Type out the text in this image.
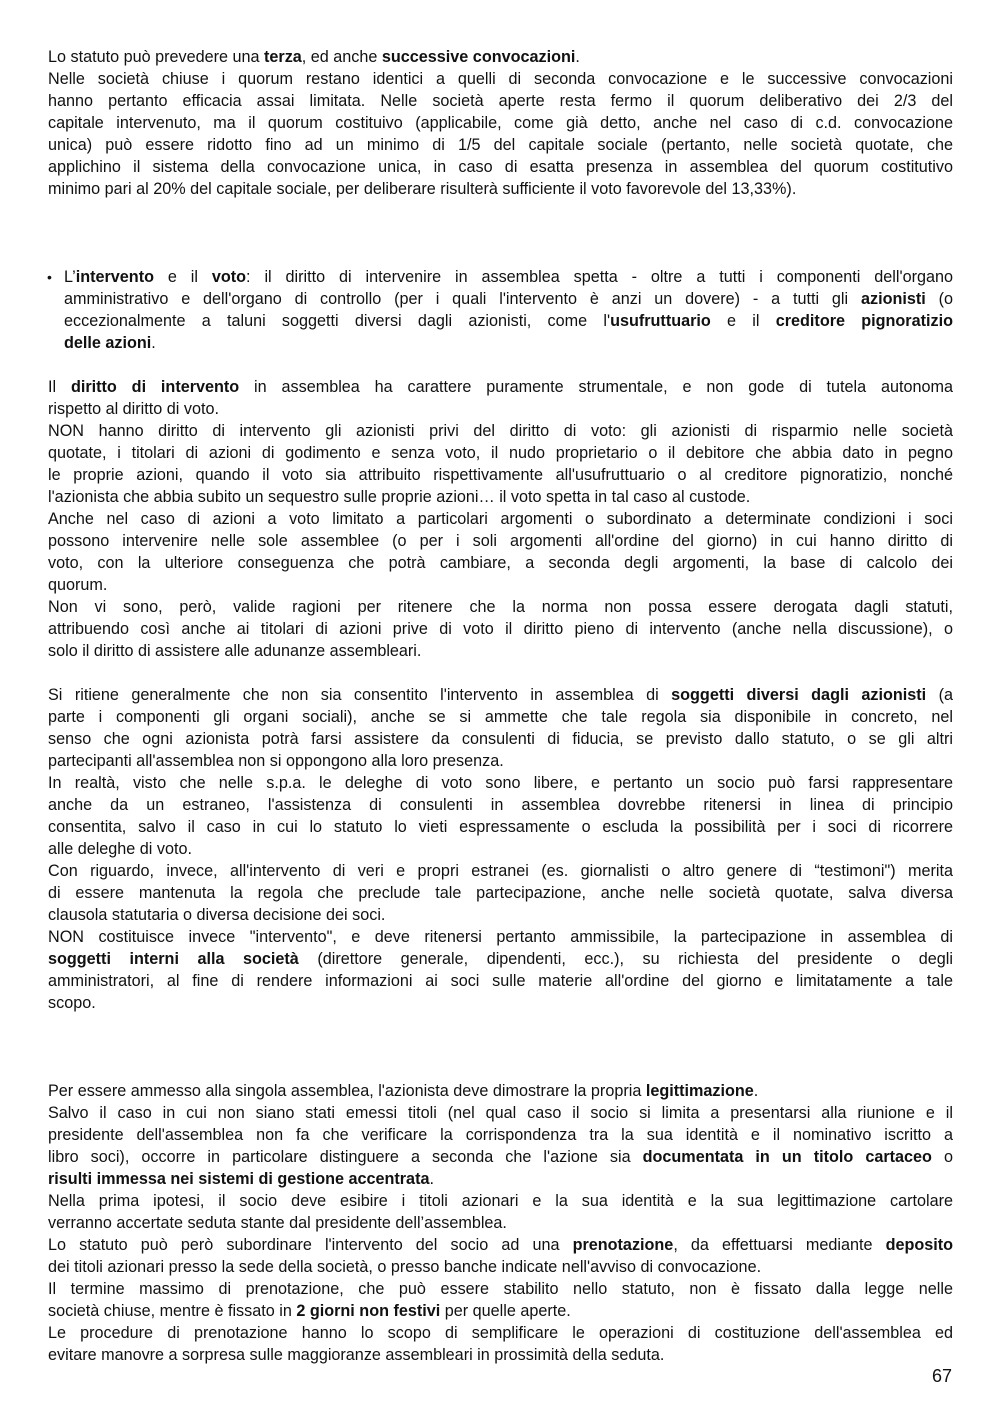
Lo statuto può prevedere una terza, ed anche successive convocazioni.
Nelle società chiuse i quorum restano identici a quelli di seconda convocazione e le successive convocazioni
hanno pertanto efficacia assai limitata. Nelle società aperte resta fermo il quorum deliberativo dei 2/3 del
capitale intervenuto, ma il quorum costituivo (applicabile, come già detto, anche nel caso di c.d. convocazione
unica) può essere ridotto fino ad un minimo di 1/5 del capitale sociale (pertanto, nelle società quotate, che
applichino il sistema della convocazione unica, in caso di esatta presenza in assemblea del quorum costitutivo
minimo pari al 20% del capitale sociale, per deliberare risulterà sufficiente il voto favorevole del 13,33%).
• L’intervento e il voto: il diritto di intervenire in assemblea spetta - oltre a tutti i componenti dell'organo
amministrativo e dell'organo di controllo (per i quali l'intervento è anzi un dovere) - a tutti gli azionisti (o
eccezionalmente a taluni soggetti diversi dagli azionisti, come l'usufruttuario e il creditore pignoratizio
delle azioni.
Il diritto di intervento in assemblea ha carattere puramente strumentale, e non gode di tutela autonoma
rispetto al diritto di voto.
NON hanno diritto di intervento gli azionisti privi del diritto di voto: gli azionisti di risparmio nelle società
quotate, i titolari di azioni di godimento e senza voto, il nudo proprietario o il debitore che abbia dato in pegno
le proprie azioni, quando il voto sia attribuito rispettivamente all'usufruttuario o al creditore pignoratizio, nonché
l'azionista che abbia subito un sequestro sulle proprie azioni… il voto spetta in tal caso al custode.
Anche nel caso di azioni a voto limitato a particolari argomenti o subordinato a determinate condizioni i soci
possono intervenire nelle sole assemblee (o per i soli argomenti all'ordine del giorno) in cui hanno diritto di
voto, con la ulteriore conseguenza che potrà cambiare, a seconda degli argomenti, la base di calcolo dei
quorum.
Non vi sono, però, valide ragioni per ritenere che la norma non possa essere derogata dagli statuti,
attribuendo così anche ai titolari di azioni prive di voto il diritto pieno di intervento (anche nella discussione), o
solo il diritto di assistere alle adunanze assembleari.
Si ritiene generalmente che non sia consentito l'intervento in assemblea di soggetti diversi dagli azionisti (a
parte i componenti gli organi sociali), anche se si ammette che tale regola sia disponibile in concreto, nel
senso che ogni azionista potrà farsi assistere da consulenti di fiducia, se previsto dallo statuto, o se gli altri
partecipanti all'assemblea non si oppongono alla loro presenza.
In realtà, visto che nelle s.p.a. le deleghe di voto sono libere, e pertanto un socio può farsi rappresentare
anche da un estraneo, l'assistenza di consulenti in assemblea dovrebbe ritenersi in linea di principio
consentita, salvo il caso in cui lo statuto lo vieti espressamente o escluda la possibilità per i soci di ricorrere
alle deleghe di voto.
Con riguardo, invece, all'intervento di veri e propri estranei (es. giornalisti o altro genere di “testimoni") merita
di essere mantenuta la regola che preclude tale partecipazione, anche nelle società quotate, salva diversa
clausola statutaria o diversa decisione dei soci.
NON costituisce invece "intervento", e deve ritenersi pertanto ammissibile, la partecipazione in assemblea di
soggetti interni alla società (direttore generale, dipendenti, ecc.), su richiesta del presidente o degli
amministratori, al fine di rendere informazioni ai soci sulle materie all'ordine del giorno e limitatamente a tale
scopo.
Per essere ammesso alla singola assemblea, l'azionista deve dimostrare la propria legittimazione.
Salvo il caso in cui non siano stati emessi titoli (nel qual caso il socio si limita a presentarsi alla riunione e il
presidente dell'assemblea non fa che verificare la corrispondenza tra la sua identità e il nominativo iscritto a
libro soci), occorre in particolare distinguere a seconda che l'azione sia documentata in un titolo cartaceo o
risulti immessa nei sistemi di gestione accentrata.
Nella prima ipotesi, il socio deve esibire i titoli azionari e la sua identità e la sua legittimazione cartolare
verranno accertate seduta stante dal presidente dell’assemblea.
Lo statuto può però subordinare l'intervento del socio ad una prenotazione, da effettuarsi mediante deposito
dei titoli azionari presso la sede della società, o presso banche indicate nell'avviso di convocazione.
Il termine massimo di prenotazione, che può essere stabilito nello statuto, non è fissato dalla legge nelle
società chiuse, mentre è fissato in 2 giorni non festivi per quelle aperte.
Le procedure di prenotazione hanno lo scopo di semplificare le operazioni di costituzione dell'assemblea ed
evitare manovre a sorpresa sulle maggioranze assembleari in prossimità della seduta.
67
